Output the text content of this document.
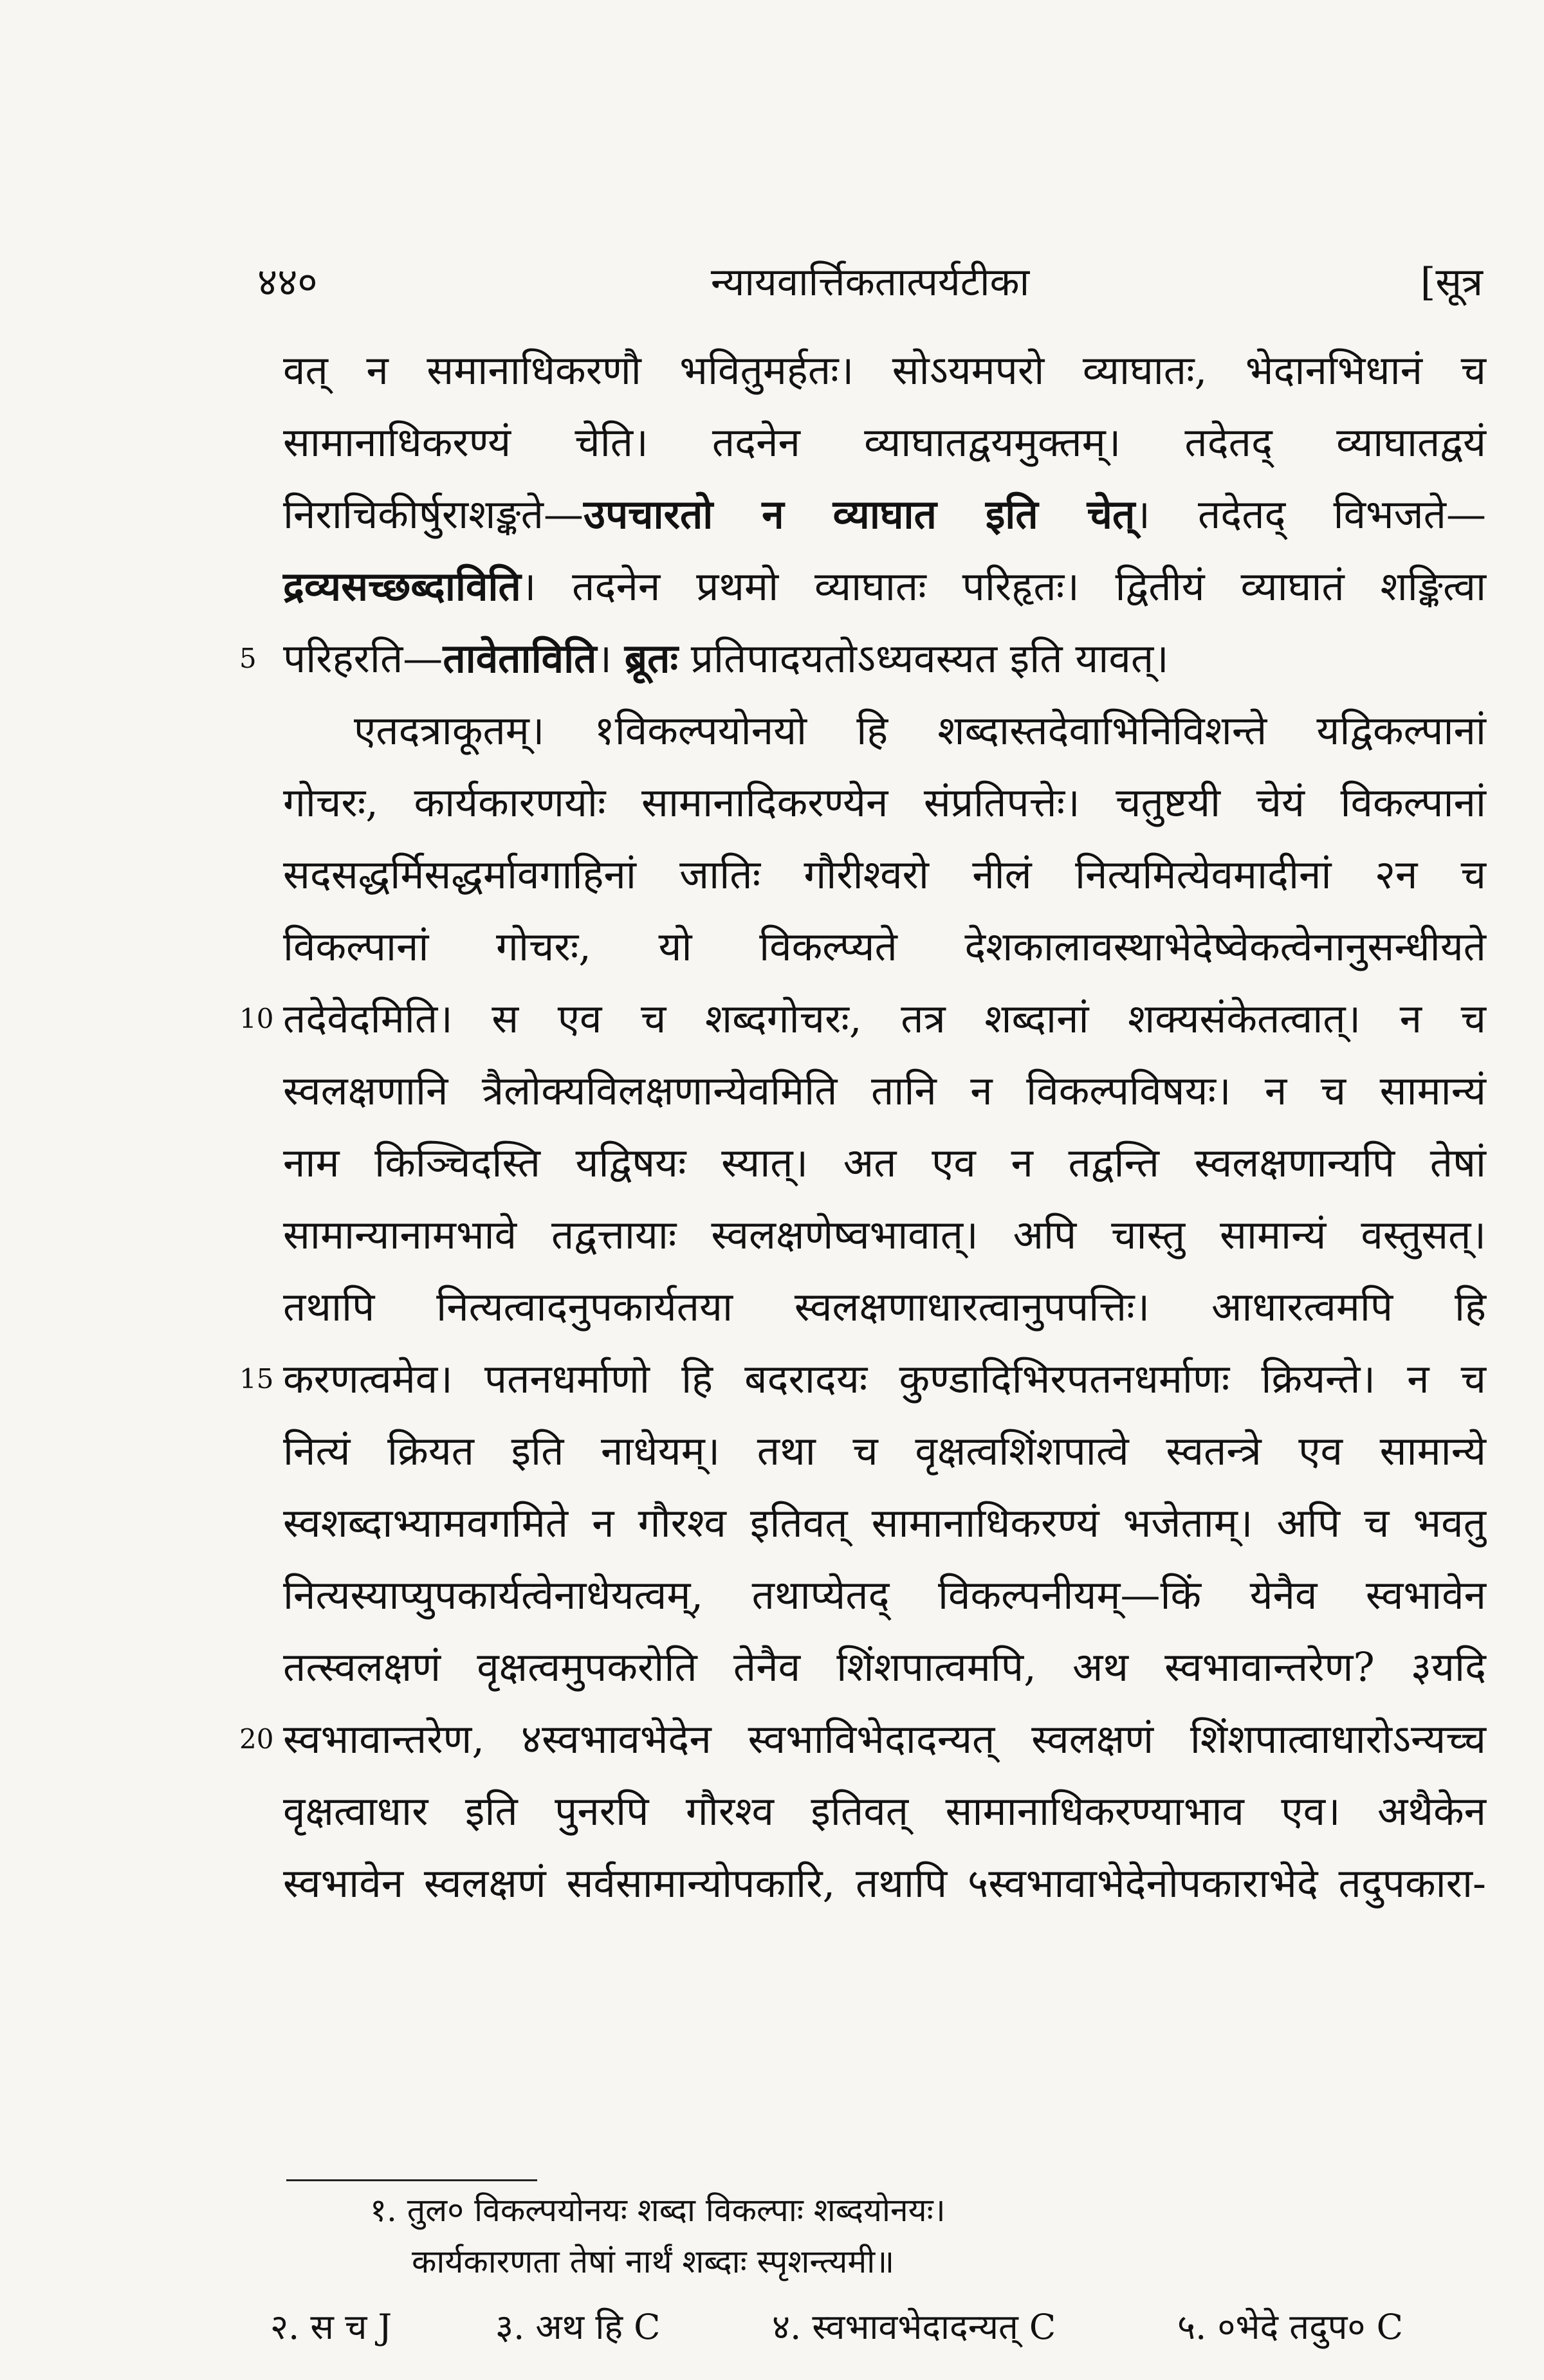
४४०	न्यायवार्त्तिकतात्पर्यटीका	[सूत्र
वत् न समानाधिकरणौ भवितुमर्हतः। सोऽयमपरो व्याघातः, भेदानभिधानं च
सामानाधिकरण्यं चेति। तदनेन व्याघातद्वयमुक्तम्। तदेतद् व्याघातद्वयं
निराचिकीर्षुराशङ्कते—उपचारतो न व्याघात इति चेत्। तदेतद् विभजते—
द्रव्यसच्छब्दाविति। तदनेन प्रथमो व्याघातः परिहृतः। द्वितीयं व्याघातं शङ्कित्वा
5 परिहरति—तावेताविति। ब्रूतः प्रतिपादयतोऽध्यवस्यत इति यावत्।
एतदत्राकूतम्। १विकल्पयोनयो हि शब्दास्तदेवाभिनिविशन्ते यद्विकल्पानां
गोचरः, कार्यकारणयोः सामानादिकरण्येन संप्रतिपत्तेः। चतुष्टयी चेयं विकल्पानां
सदसद्धर्मिसद्धर्मावगाहिनां जातिः गौरीश्वरो नीलं नित्यमित्येवमादीनां २न च
विकल्पानां गोचरः, यो विकल्प्यते देशकालावस्थाभेदेष्वेकत्वेनानुसन्धीयते
10 तदेवेदमिति। स एव च शब्दगोचरः, तत्र शब्दानां शक्यसंकेतत्वात्। न च
स्वलक्षणानि त्रैलोक्यविलक्षणान्येवमिति तानि न विकल्पविषयः। न च सामान्यं
नाम किञ्चिदस्ति यद्विषयः स्यात्। अत एव न तद्वन्ति स्वलक्षणान्यपि तेषां
सामान्यानामभावे तद्वत्तायाः स्वलक्षणेष्वभावात्। अपि चास्तु सामान्यं वस्तुसत्।
तथापि नित्यत्वादनुपकार्यतया स्वलक्षणाधारत्वानुपपत्तिः। आधारत्वमपि हि
15 करणत्वमेव। पतनधर्माणो हि बदरादयः कुण्डादिभिरपतनधर्माणः क्रियन्ते। न च
नित्यं क्रियत इति नाधेयम्। तथा च वृक्षत्वशिंशपात्वे स्वतन्त्रे एव सामान्ये
स्वशब्दाभ्यामवगमिते न गौरश्व इतिवत् सामानाधिकरण्यं भजेताम्। अपि च भवतु
नित्यस्याप्युपकार्यत्वेनाधेयत्वम्, तथाप्येतद् विकल्पनीयम्—किं येनैव स्वभावेन
तत्स्वलक्षणं वृक्षत्वमुपकरोति तेनैव शिंशपात्वमपि, अथ स्वभावान्तरेण? ३यदि
20 स्वभावान्तरेण, ४स्वभावभेदेन स्वभाविभेदादन्यत् स्वलक्षणं शिंशपात्वाधारोऽन्यच्च
वृक्षत्वाधार इति पुनरपि गौरश्व इतिवत् सामानाधिकरण्याभाव एव। अथैकेन
स्वभावेन स्वलक्षणं सर्वसामान्योपकारि, तथापि ५स्वभावाभेदेनोपकाराभेदे तदुपकारा-
१. तुल० विकल्पयोनयः शब्दा विकल्पाः शब्दयोनयः।
कार्यकारणता तेषां नार्थं शब्दाः स्पृशन्त्यमी॥
२. स च J	३. अथ हि C	४. स्वभावभेदादन्यत् C	५. ०भेदे तदुप० C
